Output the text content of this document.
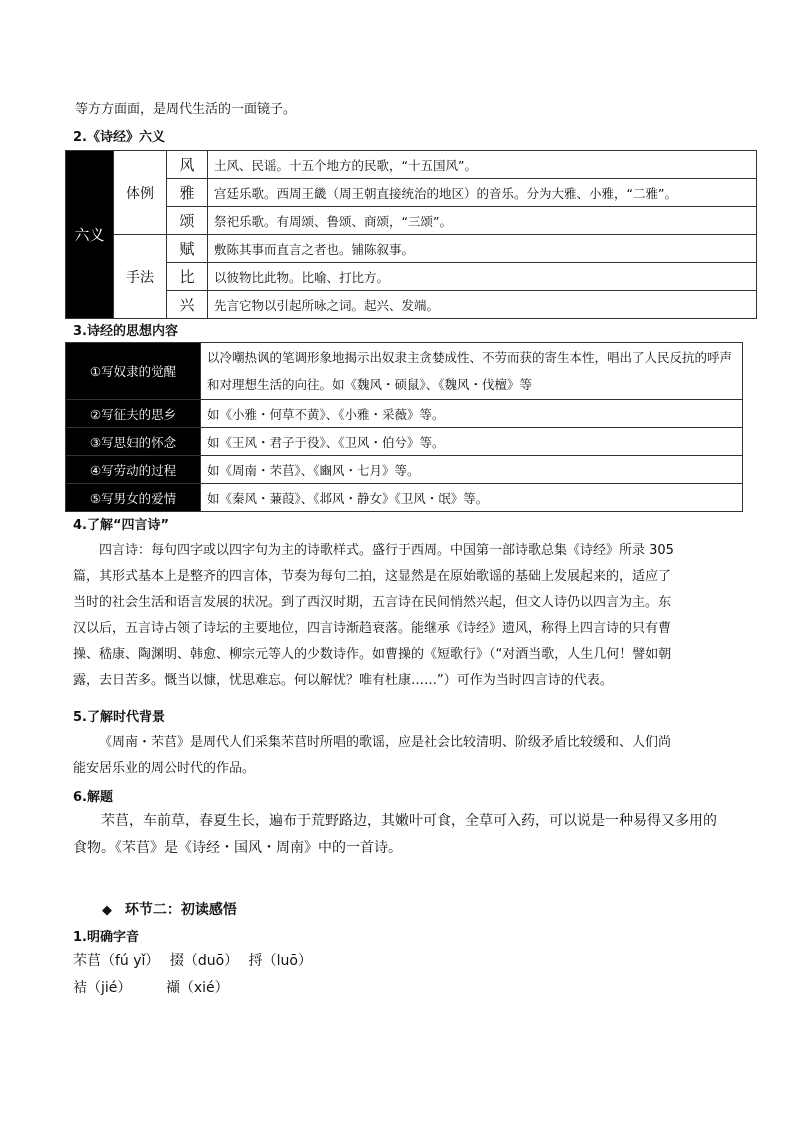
等方方面面，是周代生活的一面镜子。
2.《诗经》六义
六义	体例	风	土风、民谣。十五个地方的民歌，“十五国风”。
		雅	宫廷乐歌。西周王畿（周王朝直接统治的地区）的音乐。分为大雅、小雅，“二雅”。
		颂	祭祀乐歌。有周颂、鲁颂、商颂，“三颂”。
	手法	赋	敷陈其事而直言之者也。铺陈叙事。
		比	以彼物比此物。比喻、打比方。
		兴	先言它物以引起所咏之词。起兴、发端。
3.诗经的思想内容
①写奴隶的觉醒	以冷嘲热讽的笔调形象地揭示出奴隶主贪婪成性、不劳而获的寄生本性，唱出了人民反抗的呼声和对理想生活的向往。如《魏风・硕鼠》、《魏风・伐檀》等
②写征夫的思乡	如《小雅・何草不黄》、《小雅・采薇》等。
③写思妇的怀念	如《王风・君子于役》、《卫风・伯兮》等。
④写劳动的过程	如《周南・芣苢》、《豳风・七月》等。
⑤写男女的爱情	如《秦风・蒹葭》、《邶风・静女》《卫风・氓》等。
4.了解“四言诗”
四言诗：每句四字或以四字句为主的诗歌样式。盛行于西周。中国第一部诗歌总集《诗经》所录 305
篇，其形式基本上是整齐的四言体，节奏为每句二拍，这显然是在原始歌谣的基础上发展起来的，适应了
当时的社会生活和语言发展的状况。到了西汉时期，五言诗在民间悄然兴起，但文人诗仍以四言为主。东
汉以后，五言诗占领了诗坛的主要地位，四言诗渐趋衰落。能继承《诗经》遗风，称得上四言诗的只有曹
操、嵇康、陶渊明、韩愈、柳宗元等人的少数诗作。如曹操的《短歌行》（“对酒当歌，人生几何！譬如朝
露，去日苦多。慨当以慷，忧思难忘。何以解忧？唯有杜康……”）可作为当时四言诗的代表。
5.了解时代背景
《周南・芣苢》是周代人们采集芣苢时所唱的歌谣，应是社会比较清明、阶级矛盾比较缓和、人们尚
能安居乐业的周公时代的作品。
6.解题
芣苢，车前草，春夏生长，遍布于荒野路边，其嫩叶可食，全草可入药，可以说是一种易得又多用的
食物。《芣苢》是《诗经・国风・周南》中的一首诗。
◆ 环节二：初读感悟
1.明确字音
芣苢（fú yǐ） 掇（duō） 捋（luō）
袺（jié） 襭（xié）
